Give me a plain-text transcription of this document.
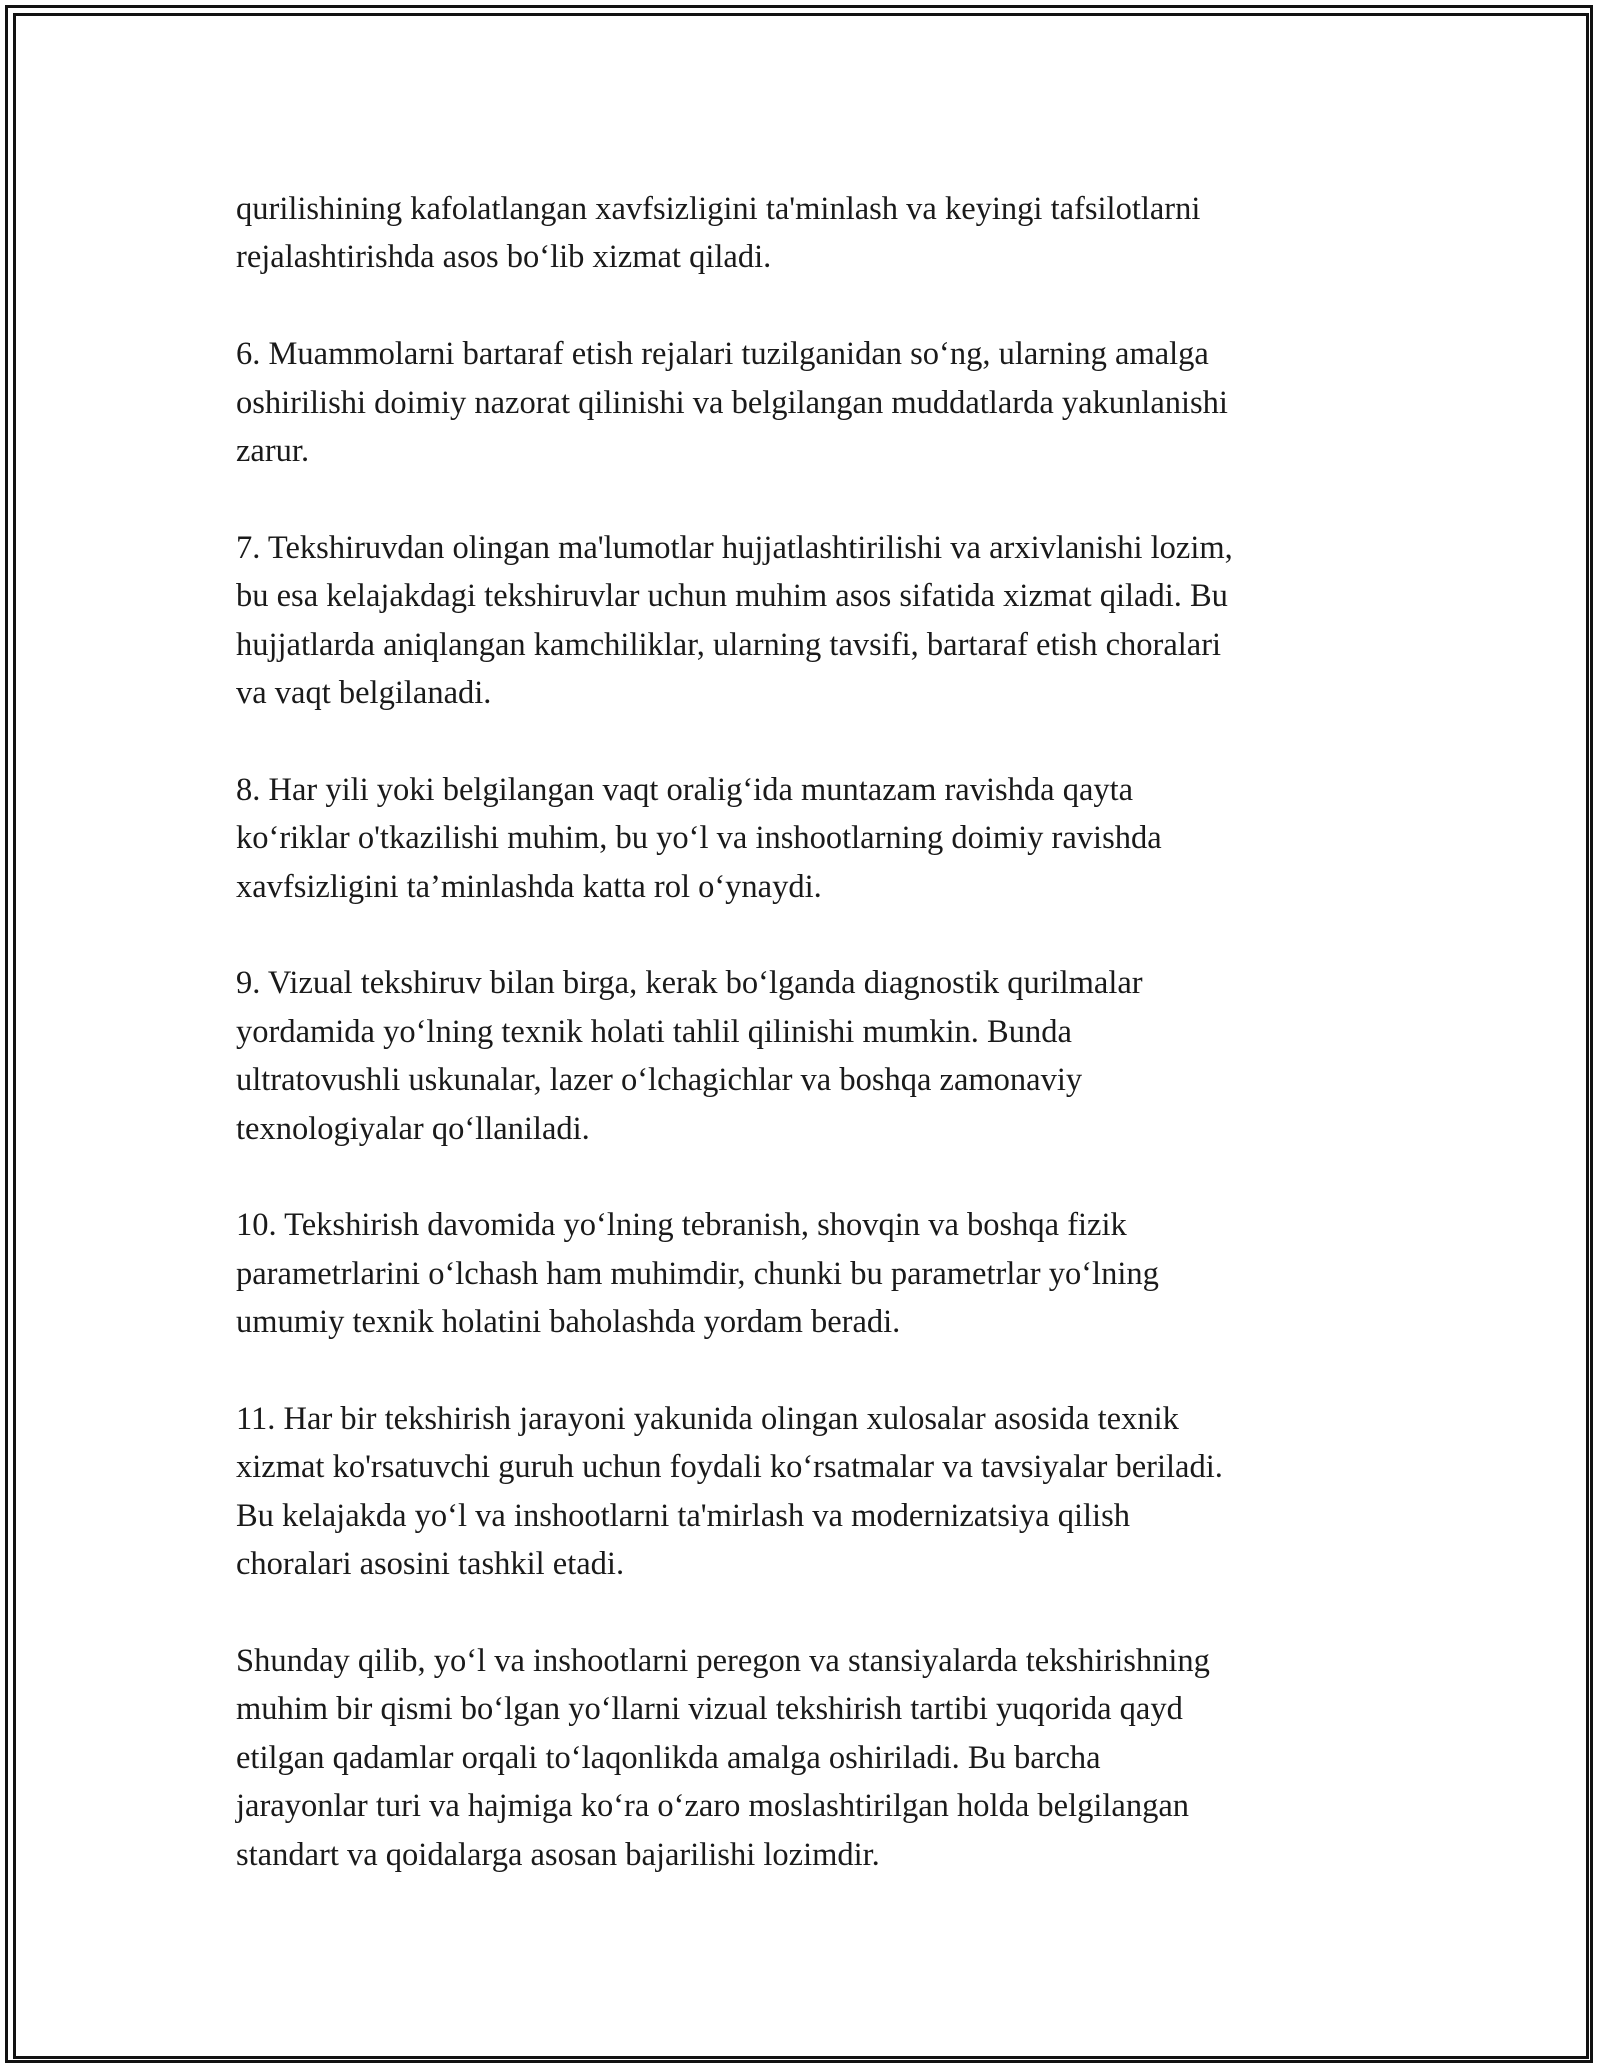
qurilishining kafolatlangan xavfsizligini ta'minlash va keyingi tafsilotlarni
rejalashtirishda asos bo‘lib xizmat qiladi.

6. Muammolarni bartaraf etish rejalari tuzilganidan so‘ng, ularning amalga
oshirilishi doimiy nazorat qilinishi va belgilangan muddatlarda yakunlanishi
zarur.

7. Tekshiruvdan olingan ma'lumotlar hujjatlashtirilishi va arxivlanishi lozim,
bu esa kelajakdagi tekshiruvlar uchun muhim asos sifatida xizmat qiladi. Bu
hujjatlarda aniqlangan kamchiliklar, ularning tavsifi, bartaraf etish choralari
va vaqt belgilanadi.

8. Har yili yoki belgilangan vaqt oralig‘ida muntazam ravishda qayta
ko‘riklar o'tkazilishi muhim, bu yo‘l va inshootlarning doimiy ravishda
xavfsizligini ta’minlashda katta rol o‘ynaydi.

9. Vizual tekshiruv bilan birga, kerak bo‘lganda diagnostik qurilmalar
yordamida yo‘lning texnik holati tahlil qilinishi mumkin. Bunda
ultratovushli uskunalar, lazer o‘lchagichlar va boshqa zamonaviy
texnologiyalar qo‘llaniladi.

10. Tekshirish davomida yo‘lning tebranish, shovqin va boshqa fizik
parametrlarini o‘lchash ham muhimdir, chunki bu parametrlar yo‘lning
umumiy texnik holatini baholashda yordam beradi.

11. Har bir tekshirish jarayoni yakunida olingan xulosalar asosida texnik
xizmat ko'rsatuvchi guruh uchun foydali ko‘rsatmalar va tavsiyalar beriladi.
Bu kelajakda yo‘l va inshootlarni ta'mirlash va modernizatsiya qilish
choralari asosini tashkil etadi.

Shunday qilib, yo‘l va inshootlarni peregon va stansiyalarda tekshirishning
muhim bir qismi bo‘lgan yo‘llarni vizual tekshirish tartibi yuqorida qayd
etilgan qadamlar orqali to‘laqonlikda amalga oshiriladi. Bu barcha
jarayonlar turi va hajmiga ko‘ra o‘zaro moslashtirilgan holda belgilangan
standart va qoidalarga asosan bajarilishi lozimdir.
